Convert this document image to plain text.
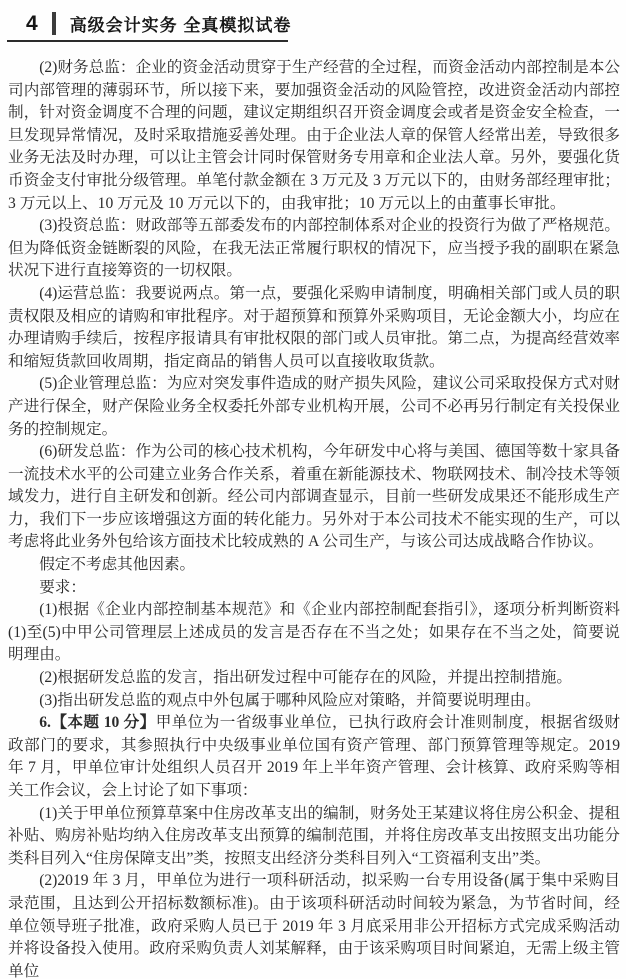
4 高级会计实务 全真模拟试卷

(2)财务总监：企业的资金活动贯穿于生产经营的全过程，而资金活动内部控制是本公司内部管理的薄弱环节，所以接下来，要加强资金活动的风险管控，改进资金活动内部控制，针对资金调度不合理的问题，建议定期组织召开资金调度会或者是资金安全检查，一旦发现异常情况，及时采取措施妥善处理。由于企业法人章的保管人经常出差，导致很多业务无法及时办理，可以让主管会计同时保管财务专用章和企业法人章。另外，要强化货币资金支付审批分级管理。单笔付款金额在 3 万元及 3 万元以下的，由财务部经理审批；3 万元以上、10 万元及 10 万元以下的，由我审批；10 万元以上的由董事长审批。

(3)投资总监：财政部等五部委发布的内部控制体系对企业的投资行为做了严格规范。但为降低资金链断裂的风险，在我无法正常履行职权的情况下，应当授予我的副职在紧急状况下进行直接筹资的一切权限。

(4)运营总监：我要说两点。第一点，要强化采购申请制度，明确相关部门或人员的职责权限及相应的请购和审批程序。对于超预算和预算外采购项目，无论金额大小，均应在办理请购手续后，按程序报请具有审批权限的部门或人员审批。第二点，为提高经营效率和缩短货款回收周期，指定商品的销售人员可以直接收取货款。

(5)企业管理总监：为应对突发事件造成的财产损失风险，建议公司采取投保方式对财产进行保全，财产保险业务全权委托外部专业机构开展，公司不必再另行制定有关投保业务的控制规定。

(6)研发总监：作为公司的核心技术机构，今年研发中心将与美国、德国等数十家具备一流技术水平的公司建立业务合作关系，着重在新能源技术、物联网技术、制冷技术等领域发力，进行自主研发和创新。经公司内部调查显示，目前一些研发成果还不能形成生产力，我们下一步应该增强这方面的转化能力。另外对于本公司技术不能实现的生产，可以考虑将此业务外包给该方面技术比较成熟的 A 公司生产，与该公司达成战略合作协议。

假定不考虑其他因素。

要求：

(1)根据《企业内部控制基本规范》和《企业内部控制配套指引》，逐项分析判断资料(1)至(5)中甲公司管理层上述成员的发言是否存在不当之处；如果存在不当之处，简要说明理由。

(2)根据研发总监的发言，指出研发过程中可能存在的风险，并提出控制措施。

(3)指出研发总监的观点中外包属于哪种风险应对策略，并简要说明理由。

6.【本题 10 分】甲单位为一省级事业单位，已执行政府会计准则制度，根据省级财政部门的要求，其参照执行中央级事业单位国有资产管理、部门预算管理等规定。2019 年 7 月，甲单位审计处组织人员召开 2019 年上半年资产管理、会计核算、政府采购等相关工作会议，会上讨论了如下事项：

(1)关于甲单位预算草案中住房改革支出的编制，财务处王某建议将住房公积金、提租补贴、购房补贴均纳入住房改革支出预算的编制范围，并将住房改革支出按照支出功能分类科目列入“住房保障支出”类，按照支出经济分类科目列入“工资福利支出”类。

(2)2019 年 3 月，甲单位为进行一项科研活动，拟采购一台专用设备(属于集中采购目录范围，且达到公开招标数额标准)。由于该项科研活动时间较为紧急，为节省时间，经单位领导班子批准，政府采购人员已于 2019 年 3 月底采用非公开招标方式完成采购活动并将设备投入使用。政府采购负责人刘某解释，由于该采购项目时间紧迫，无需上级主管单位
